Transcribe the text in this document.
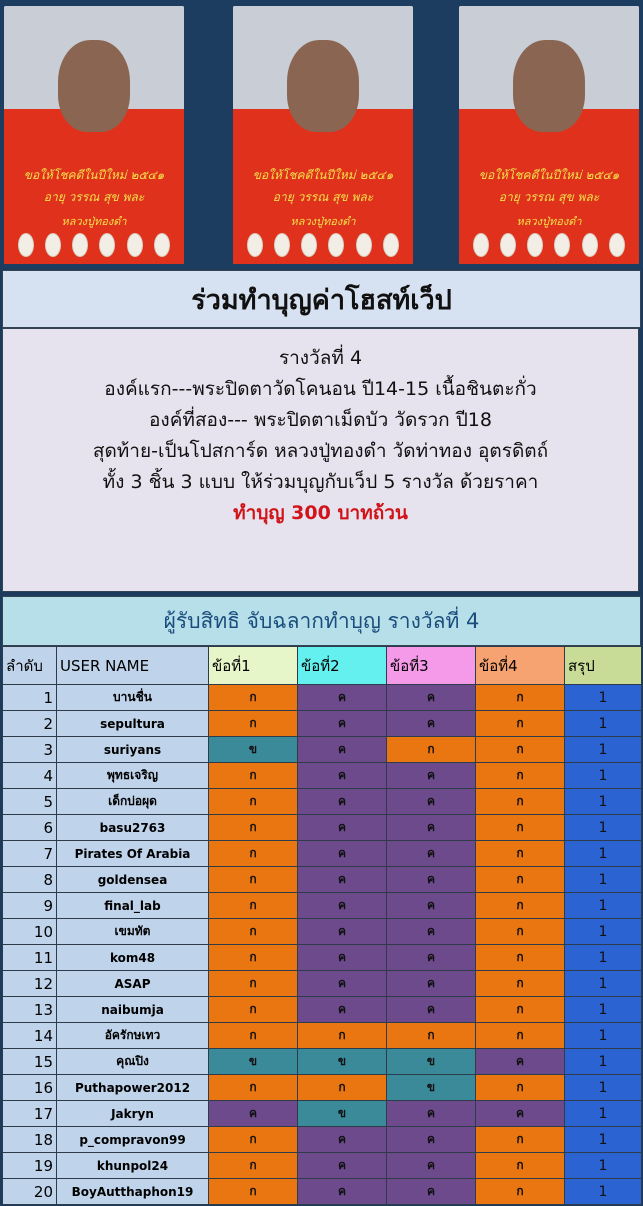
ขอให้โชคดีในปีใหม่ ๒๕๔๑
อายุ วรรณ สุข พละ
หลวงปู่ทองดำ
ขอให้โชคดีในปีใหม่ ๒๕๔๑
อายุ วรรณ สุข พละ
หลวงปู่ทองดำ
ขอให้โชคดีในปีใหม่ ๒๕๔๑
อายุ วรรณ สุข พละ
หลวงปู่ทองดำ
ร่วมทำบุญค่าโฮสท์เว็ป
รางวัลที่ 4
องค์แรก---พระปิดตาวัดโคนอน ปี14-15 เนื้อชินตะกั่ว
องค์ที่สอง--- พระปิดตาเม็ดบัว วัดรวก ปี18
สุดท้าย-เป็นโปสการ์ด หลวงปู่ทองดำ วัดท่าทอง อุตรดิตถ์
ทั้ง 3 ชิ้น 3 แบบ ให้ร่วมบุญกับเว็ป 5 รางวัล ด้วยราคา
ทำบุญ 300 บาทถ้วน
ผู้รับสิทธิ จับฉลากทำบุญ รางวัลที่ 4
ลำดับ	USER NAME	ข้อที่1	ข้อที่2	ข้อที่3	ข้อที่4	สรุป
1	บานชื่น	ก	ค	ค	ก	1
2	sepultura	ก	ค	ค	ก	1
3	suriyans	ข	ค	ก	ก	1
4	พุทธเจริญ	ก	ค	ค	ก	1
5	เด็กบ่อผุด	ก	ค	ค	ก	1
6	basu2763	ก	ค	ค	ก	1
7	Pirates Of Arabia	ก	ค	ค	ก	1
8	goldensea	ก	ค	ค	ก	1
9	final_lab	ก	ค	ค	ก	1
10	เขมทัต	ก	ค	ค	ก	1
11	kom48	ก	ค	ค	ก	1
12	ASAP	ก	ค	ค	ก	1
13	naibumja	ก	ค	ค	ก	1
14	อัครักษเทว	ก	ก	ก	ก	1
15	คุณปิง	ข	ข	ข	ค	1
16	Puthapower2012	ก	ก	ข	ก	1
17	Jakryn	ค	ข	ค	ค	1
18	p_compravon99	ก	ค	ค	ก	1
19	khunpol24	ก	ค	ค	ก	1
20	BoyAutthaphon19	ก	ค	ค	ก	1
